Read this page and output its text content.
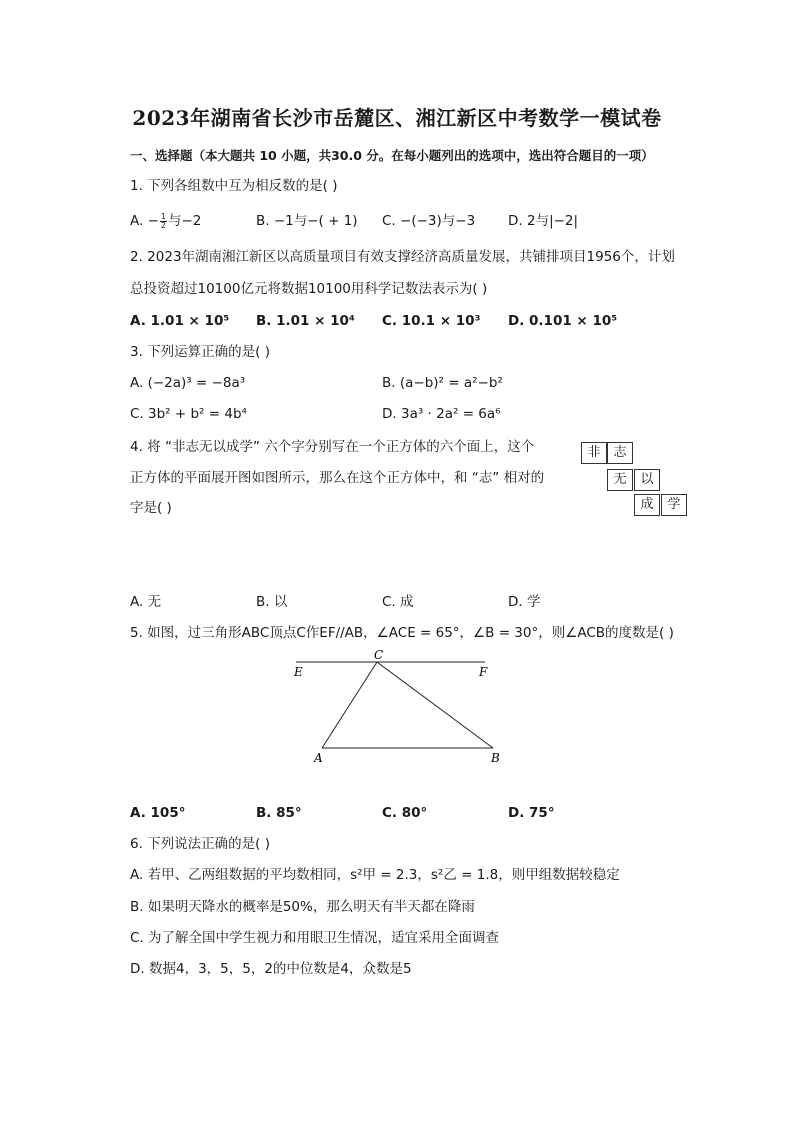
2023年湖南省长沙市岳麓区、湘江新区中考数学一模试卷
一、选择题（本大题共 10 小题，共30.0 分。在每小题列出的选项中，选出符合题目的一项）
1. 下列各组数中互为相反数的是( )
A. − $\frac{1}{2}$ 与−2	B. −1与−( + 1) C. −(−3)与−3 D. 2与|−2|
2. 2023年湖南湘江新区以高质量项目有效支撑经济高质量发展，共铺排项目1956个，计划
总投资超过10100亿元将数据10100用科学记数法表示为( )
A. 1.01 × 10⁵ B. 1.01 × 10⁴ C. 10.1 × 10³ D. 0.101 × 10⁵
3. 下列运算正确的是( )
A. (−2a)³ = −8a³	B. (a−b)² = a²−b²
C. 3b² + b² = 4b⁴	D. 3a³ · 2a² = 6a⁶
4. 将 “非志无以成学” 六个字分别写在一个正方体的六个面上，这个
正方体的平面展开图如图所示，那么在这个正方体中，和 “志” 相对的
字是( )
非 志
无	以
成	学
A. 无	B. 以	C. 成	D. 学
5. 如图，过三角形ABC顶点C作EF//AB，∠ACE = 65°，∠B = 30°，则∠ACB的度数是( )
C
E	F
A	B
A. 105°	B. 85°	C. 80°	D. 75°
6. 下列说法正确的是( )
A. 若甲、乙两组数据的平均数相同，s²甲 = 2.3，s²乙 = 1.8，则甲组数据较稳定
B. 如果明天降水的概率是50%，那么明天有半天都在降雨
C. 为了解全国中学生视力和用眼卫生情况，适宜采用全面调查
D. 数据4，3，5，5，2的中位数是4，众数是5
